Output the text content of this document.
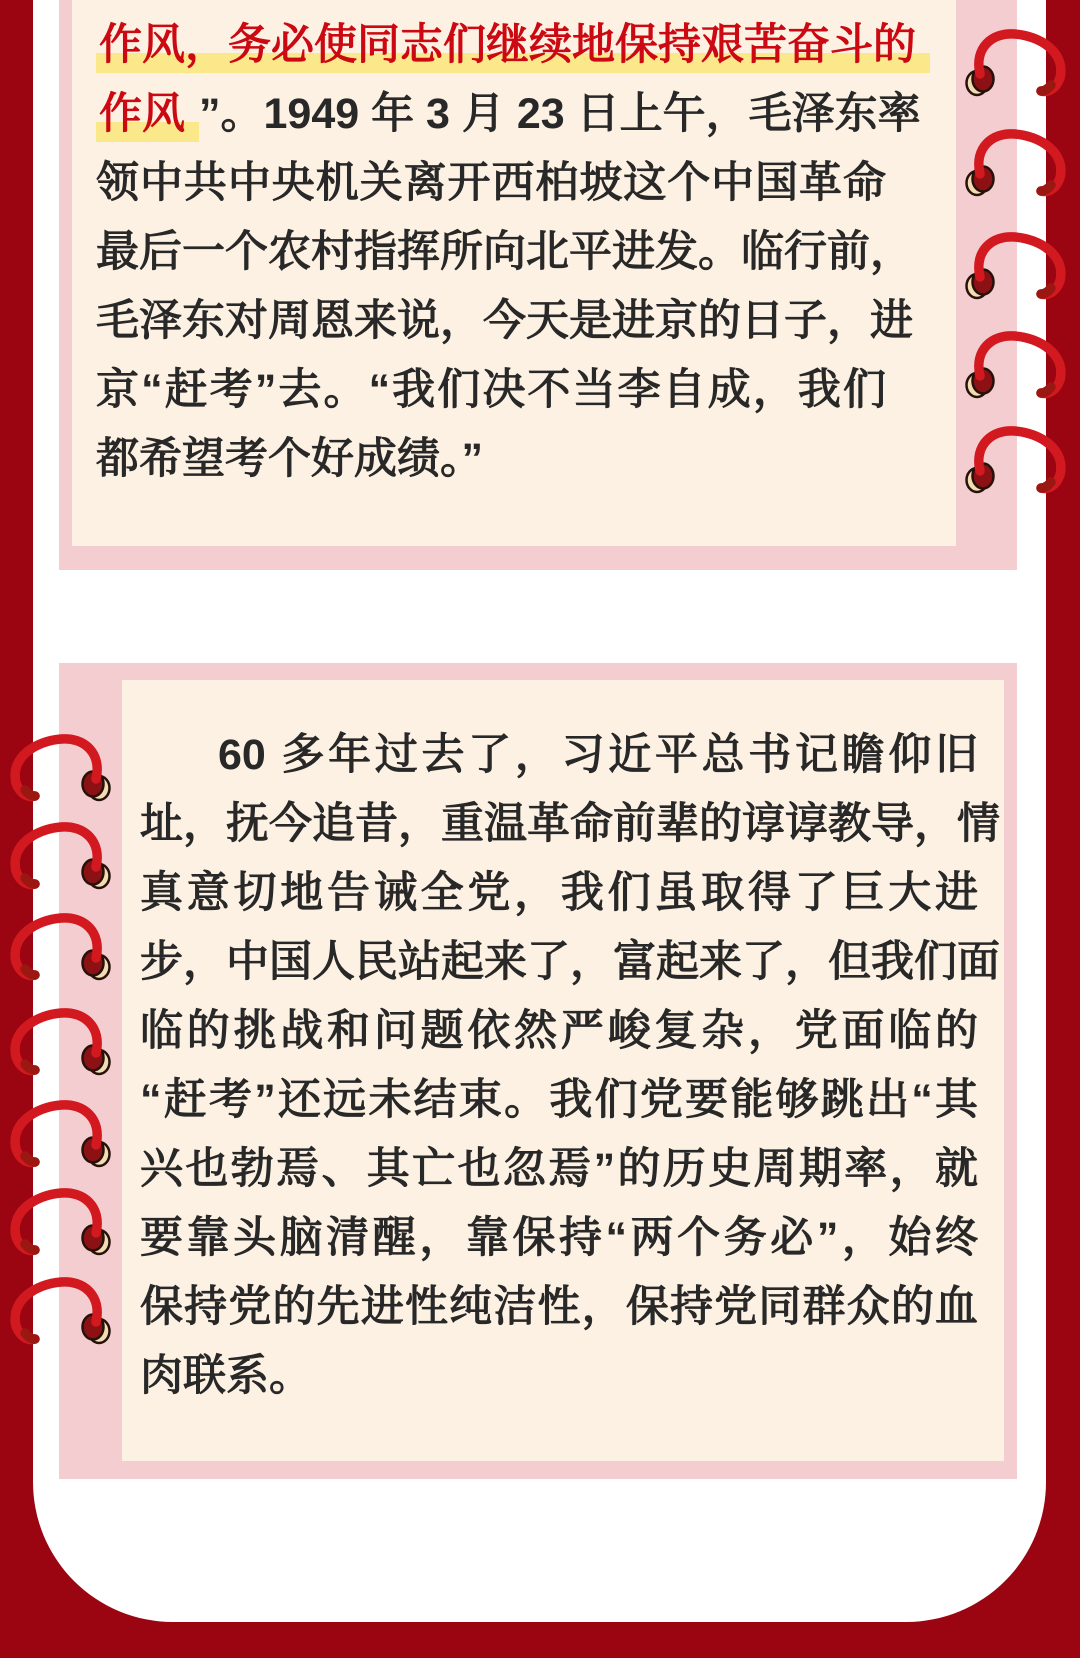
作风，务必使同志们继续地保持艰苦奋斗的
作风 ”。1949 年 3 月 23 日上午，毛泽东率
领中共中央机关离开西柏坡这个中国革命
最后一个农村指挥所向北平进发。临行前，
毛泽东对周恩来说，今天是进京的日子，进
京“赶考”去。“我们决不当李自成，我们
都希望考个好成绩。”
60 多年过去了，习近平总书记瞻仰旧
址，抚今追昔，重温革命前辈的谆谆教导，情
真意切地告诫全党，我们虽取得了巨大进
步，中国人民站起来了，富起来了，但我们面
临的挑战和问题依然严峻复杂，党面临的
“赶考”还远未结束。我们党要能够跳出“其
兴也勃焉、其亡也忽焉”的历史周期率，就
要靠头脑清醒，靠保持“两个务必”，始终
保持党的先进性纯洁性，保持党同群众的血
肉联系。
